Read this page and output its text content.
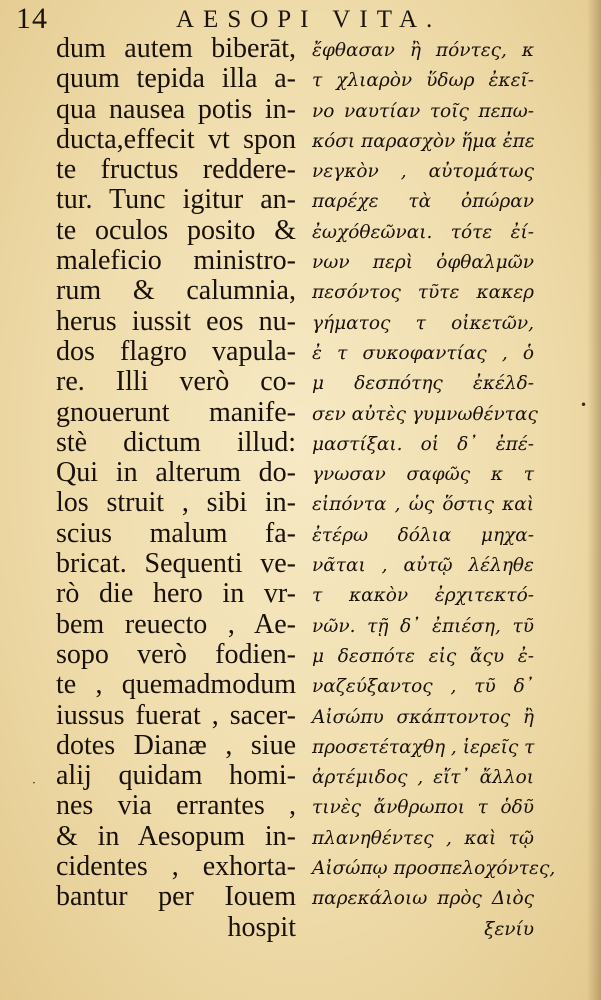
14	AESOPI VITA.
dum autem biberāt,
quum tepida illa a-
qua nausea potis in-
ducta,effecit vt spon
te fructus reddere-
tur. Tunc igitur an-
te oculos posito &
maleficio ministro-
rum & calumnia,
herus iussit eos nu-
dos flagro vapula-
re. Illi verò co-
gnouerunt manife-
stè dictum illud:
Qui in alterum do-
los struit , sibi in-
scius malum fa-
bricat. Sequenti ve-
rò die hero in vr-
bem reuecto , Ae-
sopo verò fodien-
te , quemadmodum
iussus fuerat , sacer-
dotes Dianæ , siue
alij quidam homi-
nes via errantes ,
& in Aesopum in-
cidentes , exhorta-
bantur per Iouem
hospit
ἔφθασαν ἢ πόντες, κ
τ χλιαρὸν ὕδωρ ἐκεῖ-
νο ναυτίαν τοῖς πεπω-
κόσι παρασχὸν ἥμα ἐπε
νεγκὸν , αὐτομάτως
παρέχε τὰ ὀπώραν
ἐωχόθεῶναι. τότε ἐί-
νων περὶ ὀφθαλμῶν
πεσόντος τῦτε κακερ
γήματος τ οἰκετῶν,
ἐ τ συκοφαντίας , ὁ
μ δεσπότης ἐκέλδ-
σεν αὐτὲς γυμνωθέντας
μαστίξαι. οἱ δ᾽ ἐπέ-
γνωσαν σαφῶς κ τ
εἰπόντα , ὡς ὅστις καὶ
ἐτέρω δόλια μηχα-
νᾶται , αὐτῷ λέληθε
τ κακὸν ἐρχιτεκτό-
νῶν. τῇ δ᾽ ἐπιέση, τῦ
μ δεσπότε εἰς ἄςυ ἐ-
ναζεύξαντος , τῦ δ᾽
Αἰσώπυ σκάπτοντος ἢ
προσετέταχθη , ἱερεῖς τ
ἀρτέμιδος , εἴτ᾽ ἄλλοι
τινὲς ἄνθρωποι τ ὁδῦ
πλανηθέντες , καὶ τῷ
Αἰσώπῳ προσπελοχόντες,
παρεκάλοιω πρὸς Διὸς
ξενίυ
·
•
